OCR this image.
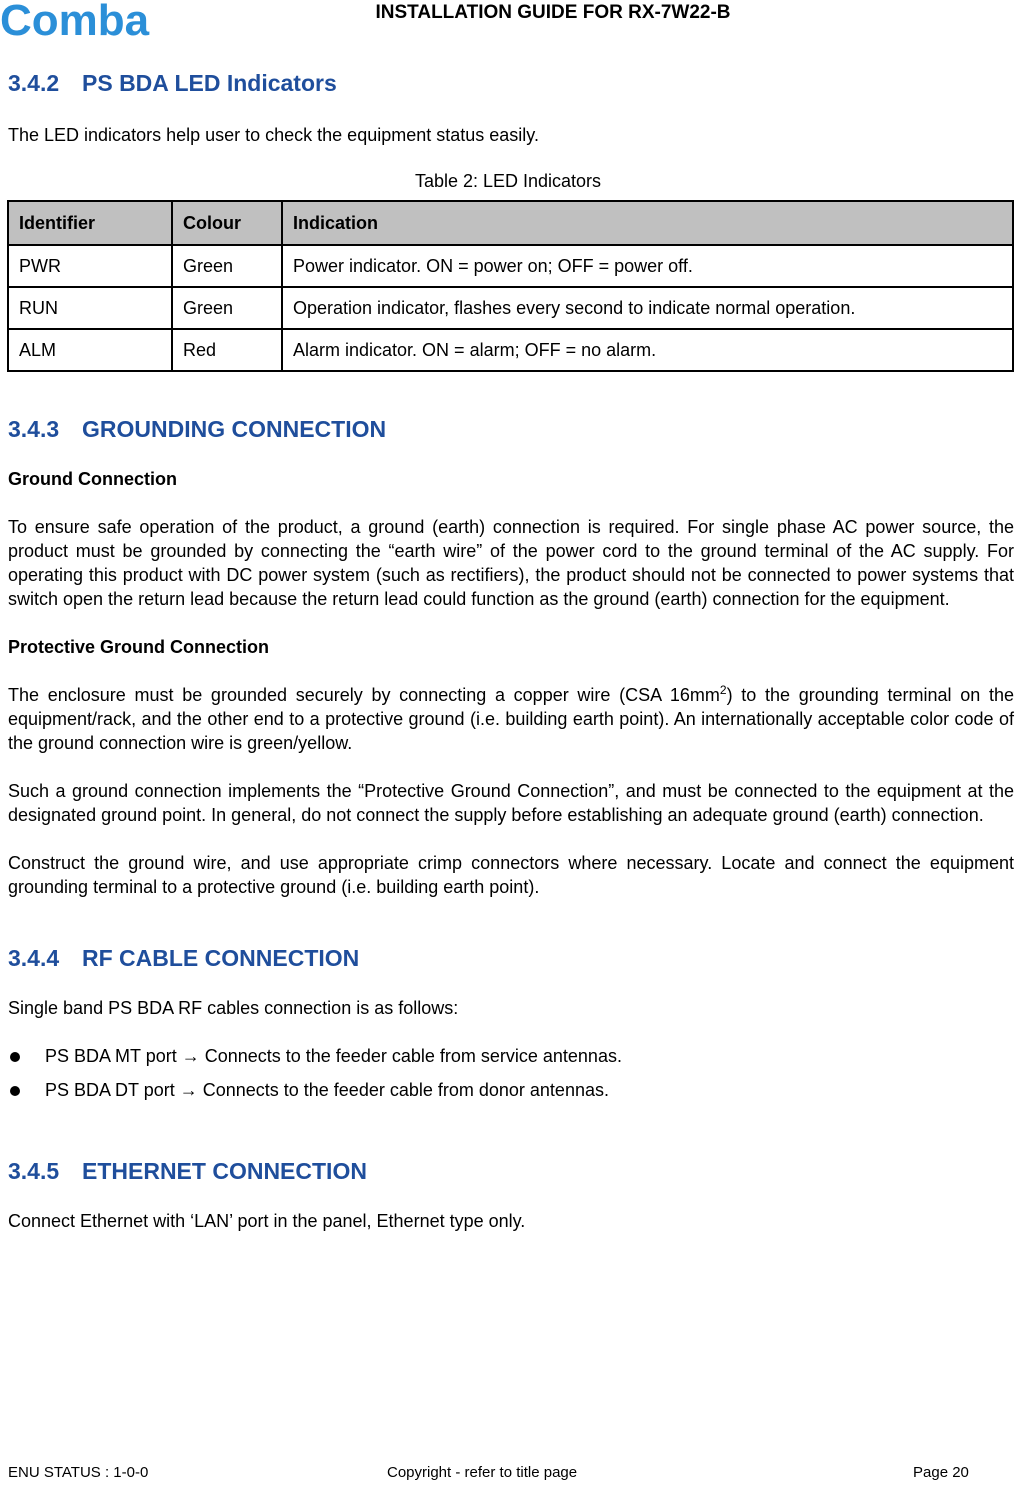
Comba	INSTALLATION GUIDE FOR RX-7W22-B
3.4.2 PS BDA LED Indicators

The LED indicators help user to check the equipment status easily.

Table 2: LED Indicators

Identifier	Colour	Indication
PWR	Green	Power indicator. ON = power on; OFF = power off.
RUN	Green	Operation indicator, flashes every second to indicate normal operation.
ALM	Red	Alarm indicator. ON = alarm; OFF = no alarm.
3.4.3 GROUNDING CONNECTION

Ground Connection

To ensure safe operation of the product, a ground (earth) connection is required. For single phase AC power source, the product must be grounded by connecting the “earth wire” of the power cord to the ground terminal of the AC supply. For operating this product with DC power system (such as rectifiers), the product should not be connected to power systems that switch open the return lead because the return lead could function as the ground (earth) connection for the equipment.

Protective Ground Connection

The enclosure must be grounded securely by connecting a copper wire (CSA $16mm^2$) to the grounding terminal on the equipment/rack, and the other end to a protective ground (i.e. building earth point). An internationally acceptable color code of the ground connection wire is green/yellow.

Such a ground connection implements the “Protective Ground Connection”, and must be connected to the equipment at the designated ground point. In general, do not connect the supply before establishing an adequate ground (earth) connection.

Construct the ground wire, and use appropriate crimp connectors where necessary. Locate and connect the equipment grounding terminal to a protective ground (i.e. building earth point).

3.4.4 RF CABLE CONNECTION

Single band PS BDA RF cables connection is as follows:

PS BDA MT port → Connects to the feeder cable from service antennas.
PS BDA DT port → Connects to the feeder cable from donor antennas.
3.4.5 ETHERNET CONNECTION

Connect Ethernet with ‘LAN’ port in the panel, Ethernet type only.

ENU STATUS : 1-0-0	Copyright - refer to title page	Page 20
